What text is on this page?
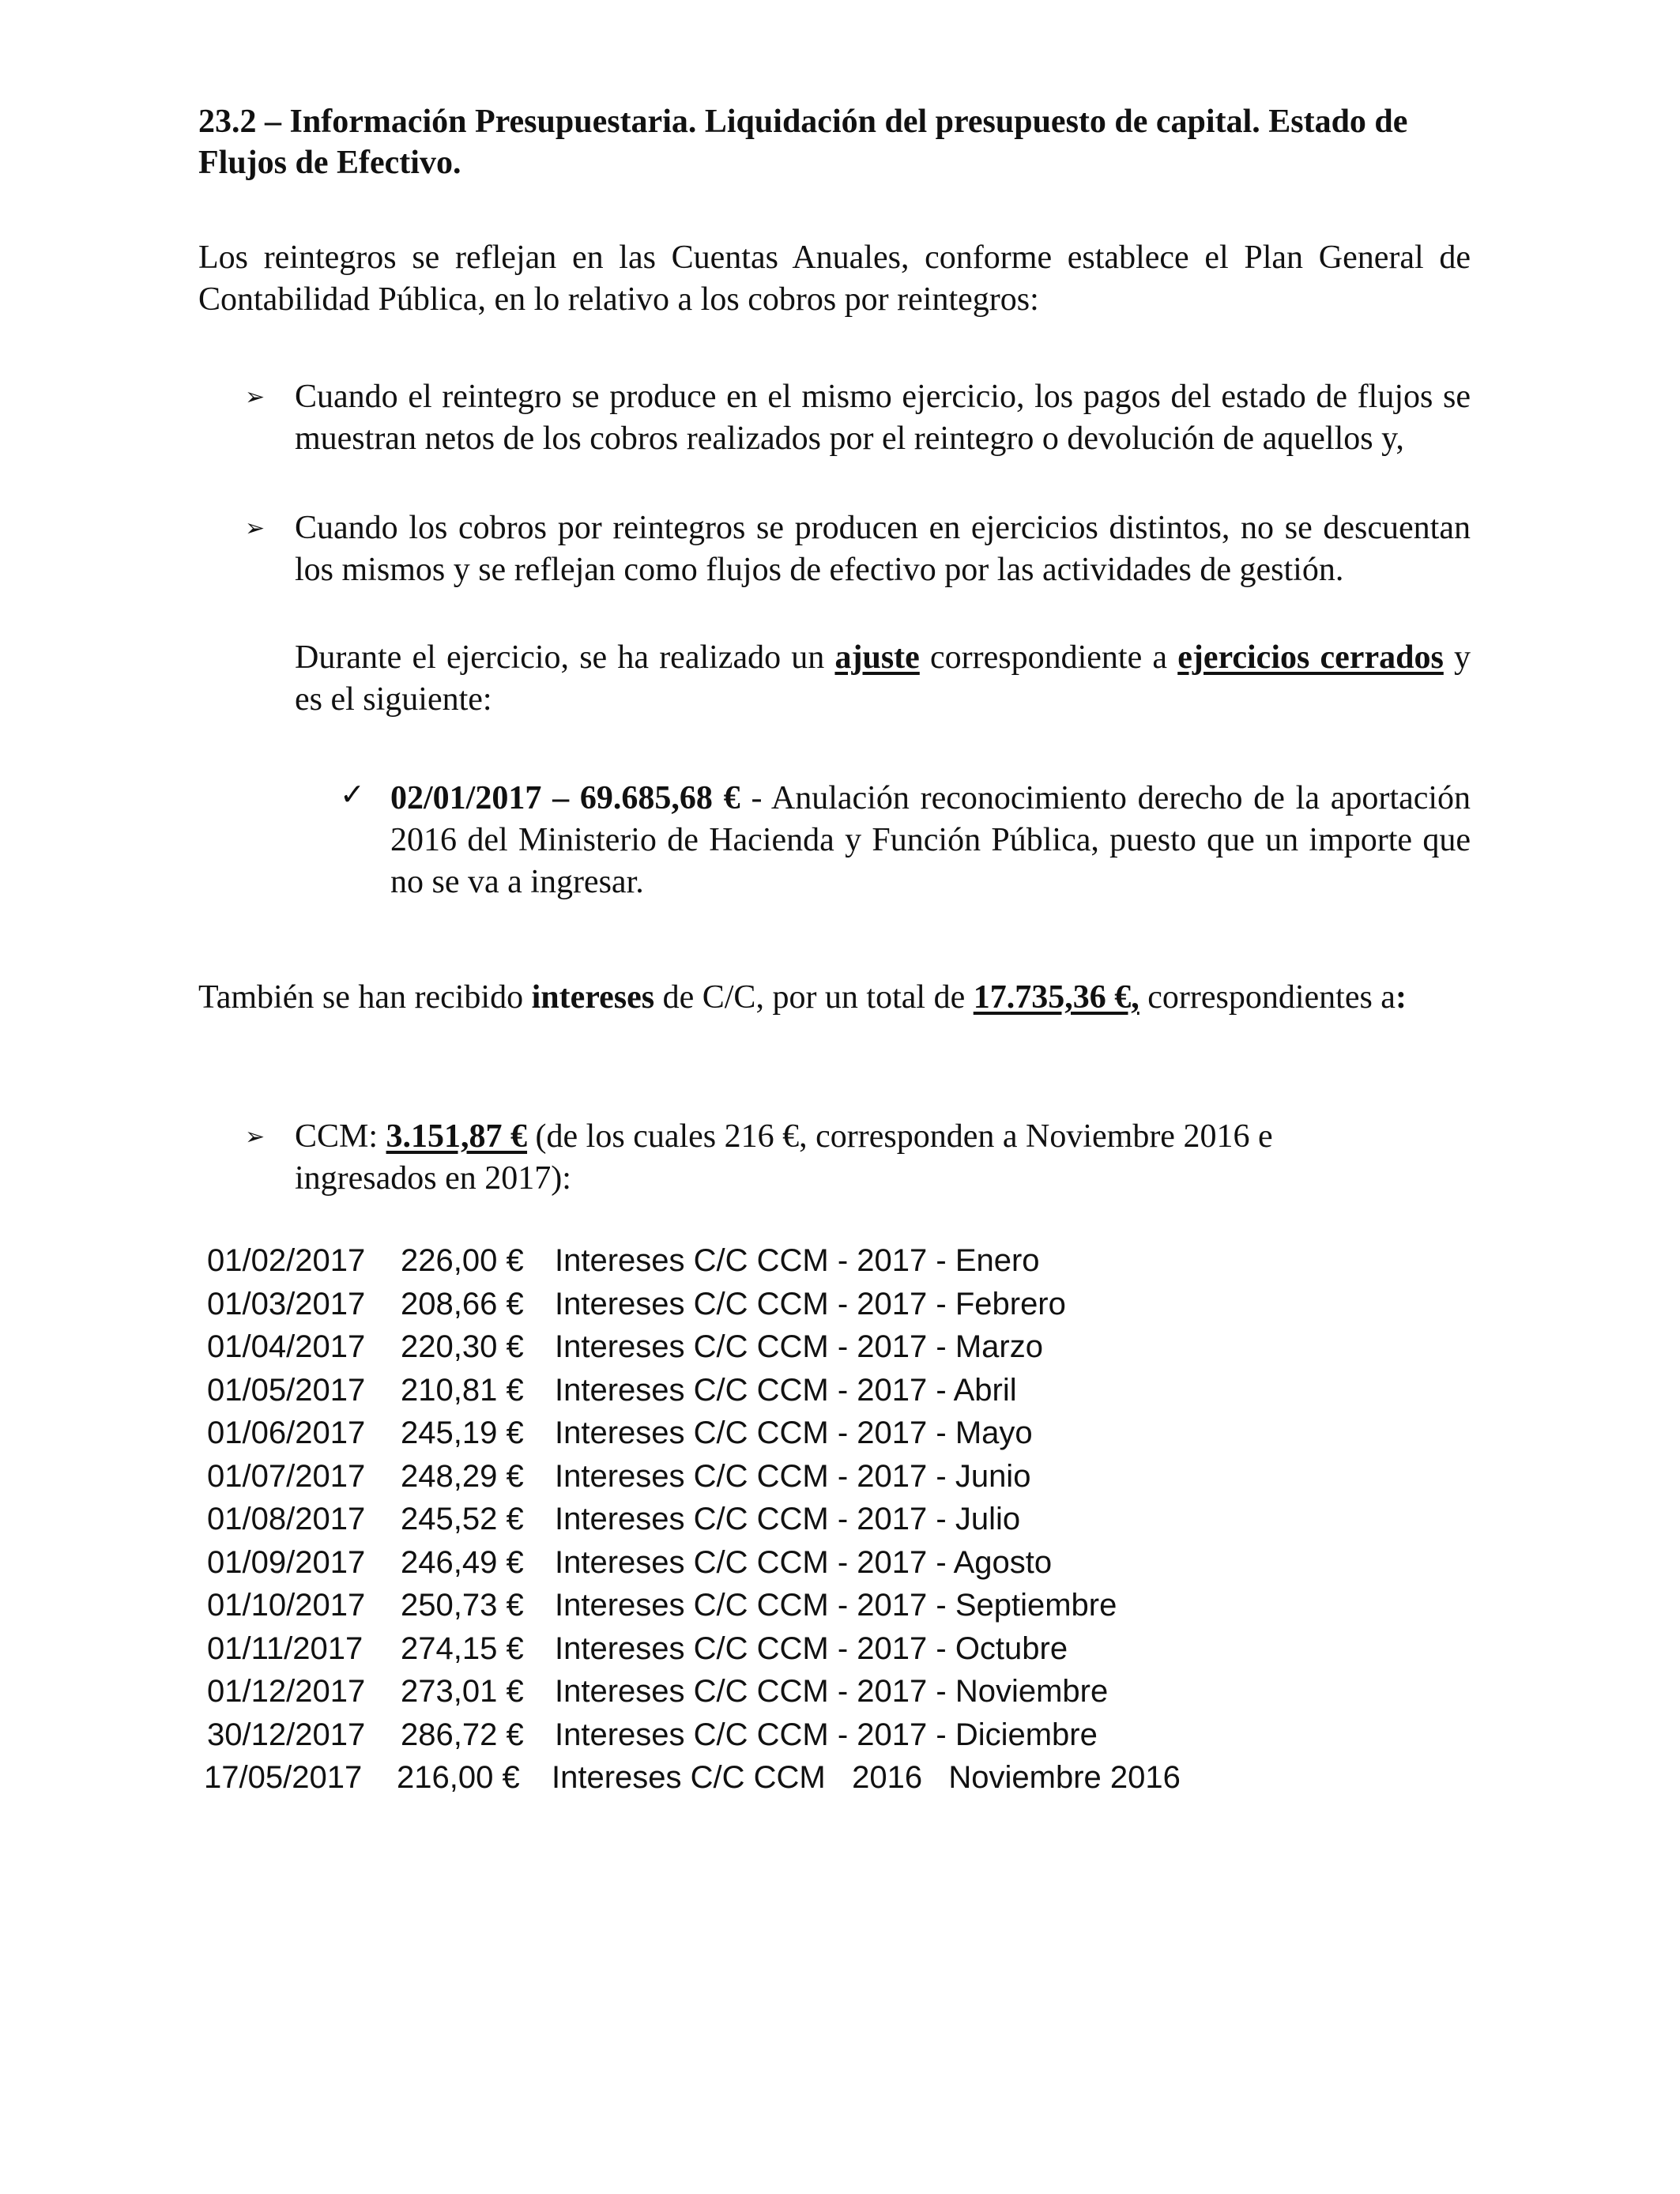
23.2 – Información Presupuestaria. Liquidación del presupuesto de capital. Estado de Flujos de Efectivo.
Los reintegros se reflejan en las Cuentas Anuales, conforme establece el Plan General de Contabilidad Pública, en lo relativo a los cobros por reintegros:
➢ Cuando el reintegro se produce en el mismo ejercicio, los pagos del estado de flujos se muestran netos de los cobros realizados por el reintegro o devolución de aquellos y,
➢ Cuando los cobros por reintegros se producen en ejercicios distintos, no se descuentan los mismos y se reflejan como flujos de efectivo por las actividades de gestión.
Durante el ejercicio, se ha realizado un ajuste correspondiente a ejercicios cerrados y es el siguiente:
✓ 02/01/2017 – 69.685,68 € - Anulación reconocimiento derecho de la aportación 2016 del Ministerio de Hacienda y Función Pública, puesto que un importe que no se va a ingresar.
También se han recibido intereses de C/C, por un total de 17.735,36 €, correspondientes a:
➢ CCM: 3.151,87 € (de los cuales 216 €, corresponden a Noviembre 2016 e ingresados en 2017):
01/02/2017 226,00 € Intereses C/C CCM - 2017 - Enero
01/03/2017 208,66 € Intereses C/C CCM - 2017 - Febrero
01/04/2017 220,30 € Intereses C/C CCM - 2017 - Marzo
01/05/2017 210,81 € Intereses C/C CCM - 2017 - Abril
01/06/2017 245,19 € Intereses C/C CCM - 2017 - Mayo
01/07/2017 248,29 € Intereses C/C CCM - 2017 - Junio
01/08/2017 245,52 € Intereses C/C CCM - 2017 - Julio
01/09/2017 246,49 € Intereses C/C CCM - 2017 - Agosto
01/10/2017 250,73 € Intereses C/C CCM - 2017 - Septiembre
01/11/2017 274,15 € Intereses C/C CCM - 2017 - Octubre
01/12/2017 273,01 € Intereses C/C CCM - 2017 - Noviembre
30/12/2017 286,72 € Intereses C/C CCM - 2017 - Diciembre
17/05/2017 216,00 €	Intereses C/C CCM   2016   Noviembre 2016
